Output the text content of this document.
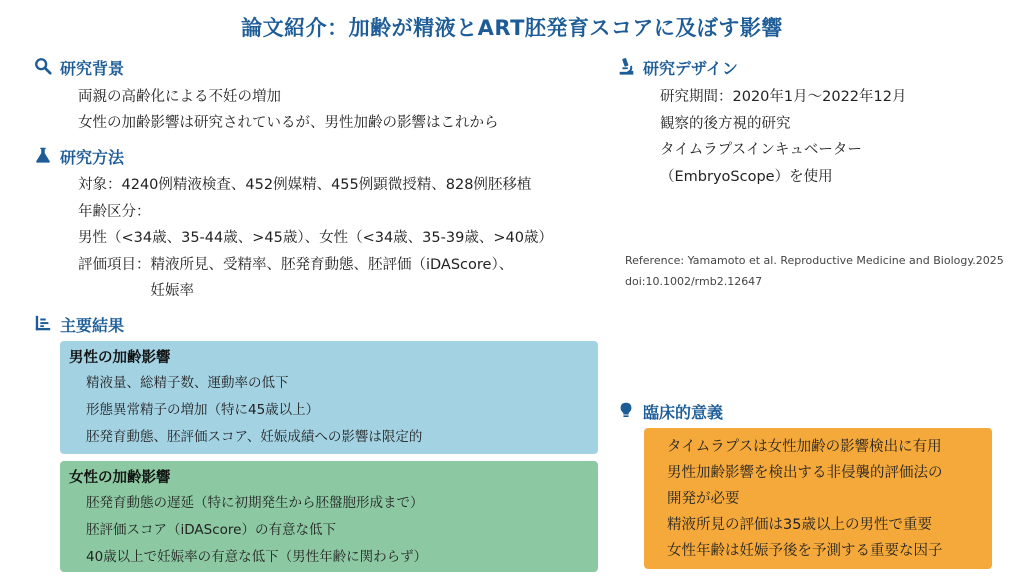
論文紹介：加齢が精液とART胚発育スコアに及ぼす影響
研究背景
両親の高齢化による不妊の増加
女性の加齢影響は研究されているが、男性加齢の影響はこれから
研究方法
対象：4240例精液検査、452例媒精、455例顕微授精、828例胚移植
年齢区分：
男性（<34歳、35-44歳、>45歳）、女性（<34歳、35-39歳、>40歳）
評価項目：精液所見、受精率、胚発育動態、胚評価（iDAScore）、
　　　　　妊娠率
主要結果
男性の加齢影響
精液量、総精子数、運動率の低下
形態異常精子の増加（特に45歳以上）
胚発育動態、胚評価スコア、妊娠成績への影響は限定的
女性の加齢影響
胚発育動態の遅延（特に初期発生から胚盤胞形成まで）
胚評価スコア（iDAScore）の有意な低下
40歳以上で妊娠率の有意な低下（男性年齢に関わらず）
研究デザイン
研究期間：2020年1月〜2022年12月
観察的後方視的研究
タイムラプスインキュベーター
（EmbryoScope）を使用
Reference: Yamamoto et al. Reproductive Medicine and Biology.2025
doi:10.1002/rmb2.12647
臨床的意義
タイムラプスは女性加齢の影響検出に有用
男性加齢影響を検出する非侵襲的評価法の
開発が必要
精液所見の評価は35歳以上の男性で重要
女性年齢は妊娠予後を予測する重要な因子
